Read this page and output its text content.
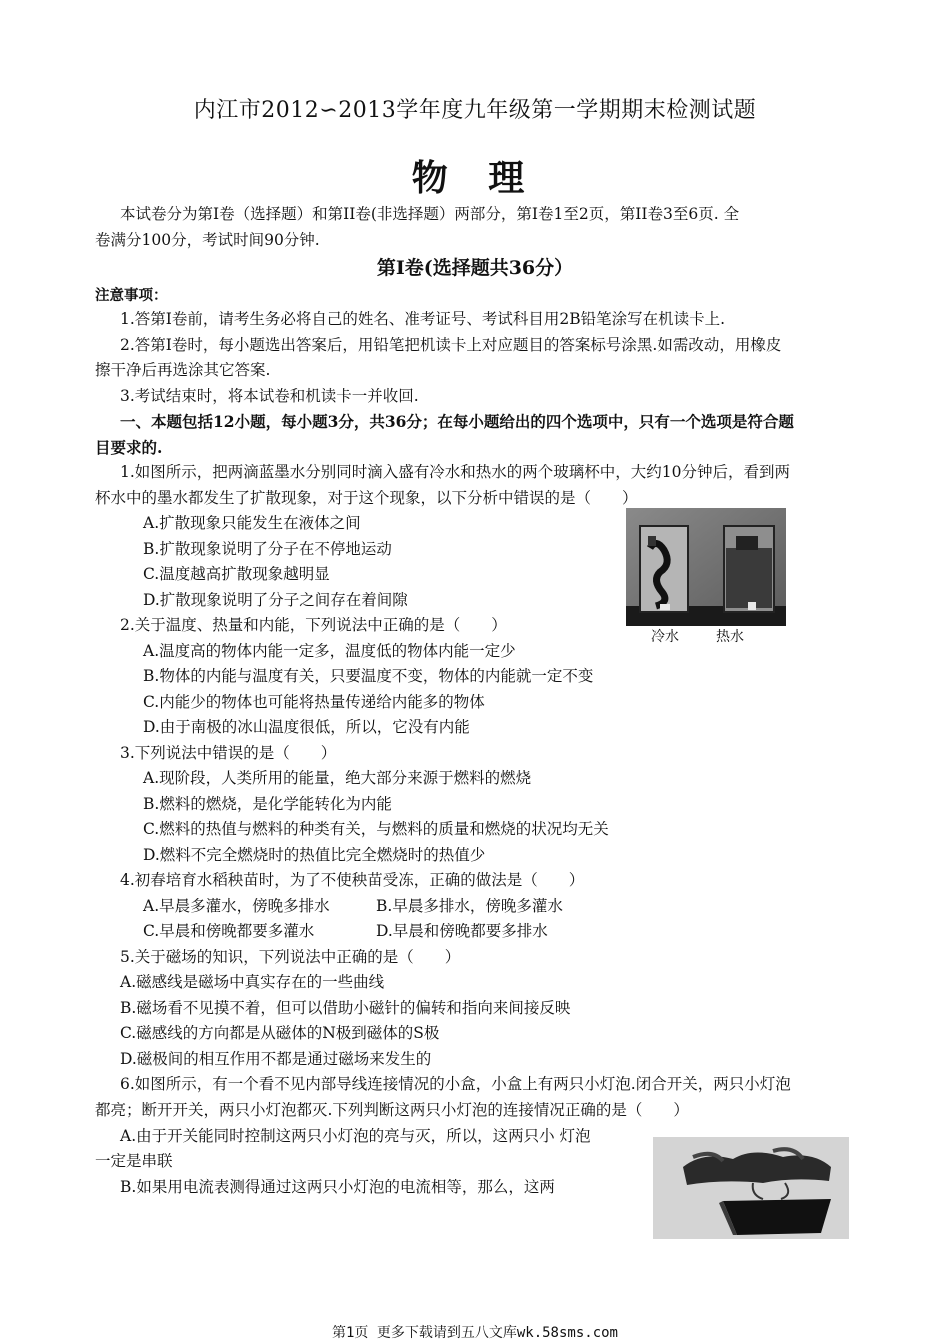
内江市2012∽2013学年度九年级第一学期期末检测试题
物 理
本试卷分为第Ⅰ卷（选择题）和第II卷(非选择题）两部分，第Ⅰ卷1至2页，第II卷3至6页. 全
卷满分100分，考试时间90分钟.
第Ⅰ卷(选择题共36分）
注意事项：
1.答第Ⅰ卷前，请考生务必将自己的姓名、准考证号、考试科目用2B铅笔涂写在机读卡上.
2.答第Ⅰ卷时，每小题选出答案后，用铅笔把机读卡上对应题目的答案标号涂黑.如需改动，用橡皮
擦干净后再选涂其它答案.
3.考试结束时，将本试卷和机读卡一并收回.
一、本题包括12小题，每小题3分，共36分；在每小题给出的四个选项中，只有一个选项是符合题
目要求的.
1.如图所示，把两滴蓝墨水分别同时滴入盛有冷水和热水的两个玻璃杯中，大约10分钟后，看到两
杯水中的墨水都发生了扩散现象，对于这个现象，以下分析中错误的是（　　）
A.扩散现象只能发生在液体之间
B.扩散现象说明了分子在不停地运动
C.温度越高扩散现象越明显
D.扩散现象说明了分子之间存在着间隙
冷水	热水
2.关于温度、热量和内能，下列说法中正确的是（　　）
A.温度高的物体内能一定多，温度低的物体内能一定少
B.物体的内能与温度有关，只要温度不变，物体的内能就一定不变
C.内能少的物体也可能将热量传递给内能多的物体
D.由于南极的冰山温度很低，所以，它没有内能
3.下列说法中错误的是（　　）
A.现阶段，人类所用的能量，绝大部分来源于燃料的燃烧
B.燃料的燃烧，是化学能转化为内能
C.燃料的热值与燃料的种类有关，与燃料的质量和燃烧的状况均无关
D.燃料不完全燃烧时的热值比完全燃烧时的热值少
4.初春培育水稻秧苗时，为了不使秧苗受冻，正确的做法是（　　）
A.早晨多灌水，傍晚多排水	B.早晨多排水，傍晚多灌水
C.早晨和傍晚都要多灌水	D.早晨和傍晚都要多排水
5.关于磁场的知识，下列说法中正确的是（　　）
A.磁感线是磁场中真实存在的一些曲线
B.磁场看不见摸不着，但可以借助小磁针的偏转和指向来间接反映
C.磁感线的方向都是从磁体的N极到磁体的S极
D.磁极间的相互作用不都是通过磁场来发生的
6.如图所示，有一个看不见内部导线连接情况的小盒，小盒上有两只小灯泡.闭合开关，两只小灯泡
都亮；断开开关，两只小灯泡都灭.下列判断这两只小灯泡的连接情况正确的是（　　）
A.由于开关能同时控制这两只小灯泡的亮与灭，所以，这两只小 灯泡
一定是串联
B.如果用电流表测得通过这两只小灯泡的电流相等，那么，这两
第1页 更多下载请到五八文库wk.58sms.com
